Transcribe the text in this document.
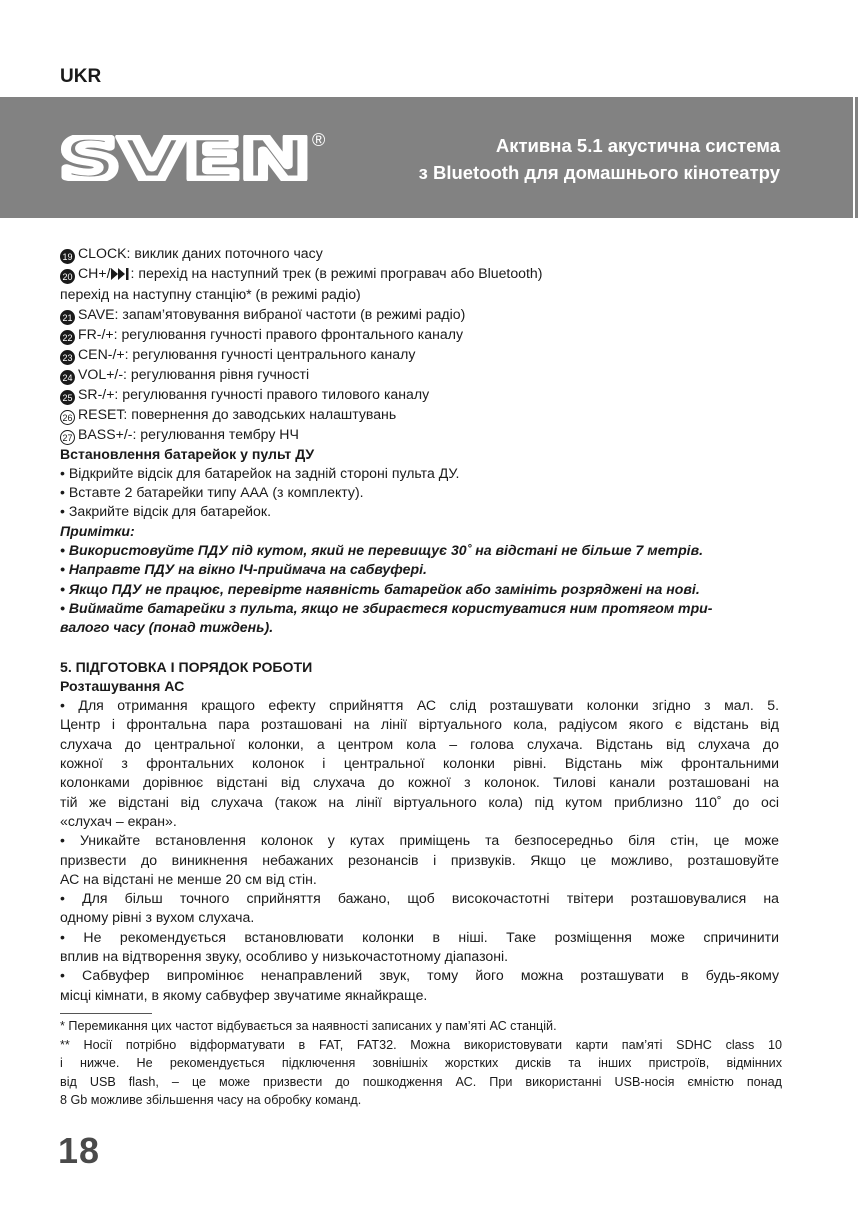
UKR
SVEN ®	Активна 5.1 акустична система
з Bluetooth для домашнього кінотеатру
19 CLOCK: виклик даних поточного часу
20 CH+/ : перехід на наступний трек (в режимі програвач або Bluetooth)
перехід на наступну станцію* (в режимі радіо)
21 SAVE: запам’ятовування вибраної частоти (в режимі радіо)
22 FR-/+: регулювання гучності правого фронтального каналу
23 CEN-/+: регулювання гучності центрального каналу
24 VOL+/-: регулювання рівня гучності
25 SR-/+: регулювання гучності правого тилового каналу
26 RESET: повернення до заводських налаштувань
27 BASS+/-: регулювання тембру НЧ
Встановлення батарейок у пульт ДУ
• Відкрийте відсік для батарейок на задній стороні пульта ДУ.
• Вставте 2 батарейки типу ААА (з комплекту).
• Закрийте відсік для батарейок.
Примітки:
• Використовуйте ПДУ під кутом, який не перевищує 30˚ на відстані не більше 7 метрів.
• Направте ПДУ на вікно ІЧ-приймача на сабвуфері.
• Якщо ПДУ не працює, перевірте наявність батарейок або замініть розряджені на нові.
• Виймайте батарейки з пульта, якщо не збираєтеся користуватися ним протягом три-
валого часу (понад тиждень).
5. ПІДГОТОВКА І ПОРЯДОК РОБОТИ
Розташування АС
• Для отримання кращого ефекту сприйняття АС слід розташувати колонки згідно з мал. 5.
Центр і фронтальна пара розташовані на лінії віртуального кола, радіусом якого є відстань від
слухача до центральної колонки, а центром кола – голова слухача. Відстань від слухача до
кожної з фронтальних колонок і центральної колонки рівні. Відстань між фронтальними
колонками дорівнює відстані від слухача до кожної з колонок. Тилові канали розташовані на
тій же відстані від слухача (також на лінії віртуального кола) під кутом приблизно 110˚ до осі
«слухач – екран».
• Уникайте встановлення колонок у кутах приміщень та безпосередньо біля стін, це може
призвести до виникнення небажаних резонансів і призвуків. Якщо це можливо, розташовуйте
АС на відстані не менше 20 см від стін.
• Для більш точного сприйняття бажано, щоб високочастотні твітери розташовувалися на
одному рівні з вухом слухача.
• Не рекомендується встановлювати колонки в ніші. Таке розміщення може спричинити
вплив на відтворення звуку, особливо у низькочастотному діапазоні.
• Сабвуфер випромінює ненаправлений звук, тому його можна розташувати в будь-якому
місці кімнати, в якому сабвуфер звучатиме якнайкраще.
* Перемикання цих частот відбувається за наявності записаних у пам’яті АС станцій.
** Носії потрібно відформатувати в FAT, FAT32. Можна використовувати карти пам’яті SDHC class 10
і нижче. Не рекомендується підключення зовнішніх жорстких дисків та інших пристроїв, відмінних
від USB flash, – це може призвести до пошкодження АС. При використанні USB-носія ємністю понад
8 Gb можливе збільшення часу на обробку команд.
18
